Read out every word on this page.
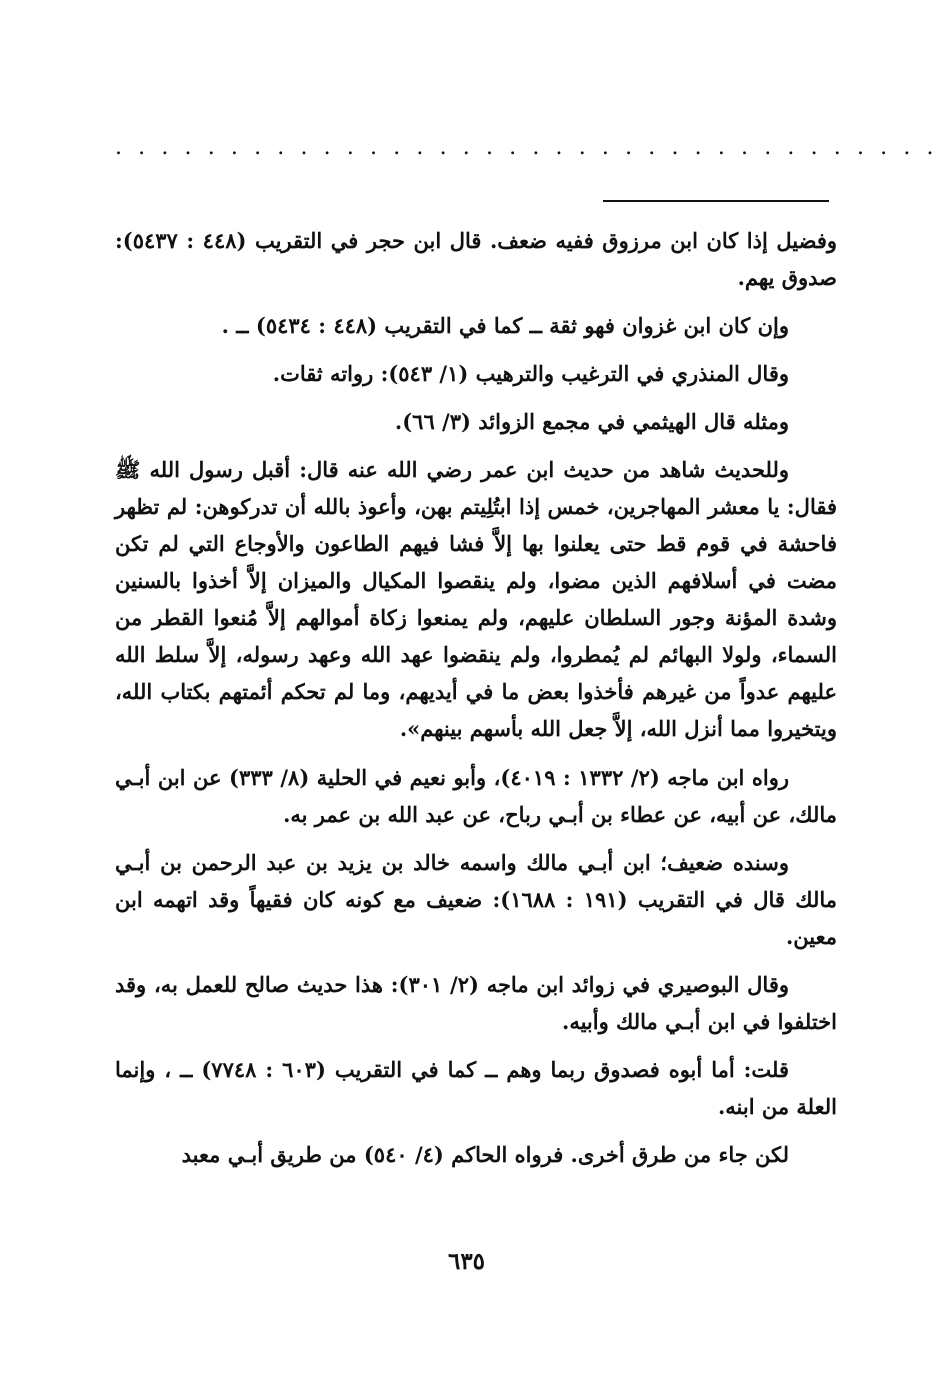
. . . . . . . . . . . . . . . . . . . . . . . . . . . . . . . . . . . .

وفضيل إذا كان ابن مرزوق ففيه ضعف. قال ابن حجر في التقريب (٤٤٨ : ٥٤٣٧): صدوق يهم.

وإن كان ابن غزوان فهو ثقة ــ كما في التقريب (٤٤٨ : ٥٤٣٤) ــ .

وقال المنذري في الترغيب والترهيب (١/ ٥٤٣): رواته ثقات.

ومثله قال الهيثمي في مجمع الزوائد (٣/ ٦٦).

وللحديث شاهد من حديث ابن عمر رضي الله عنه قال: أقبل رسول الله ﷺ فقال: يا معشر المهاجرين، خمس إذا ابتُلِيتم بهن، وأعوذ بالله أن تدركوهن: لم تظهر فاحشة في قوم قط حتى يعلنوا بها إلاَّ فشا فيهم الطاعون والأوجاع التي لم تكن مضت في أسلافهم الذين مضوا، ولم ينقصوا المكيال والميزان إلاَّ أخذوا بالسنين وشدة المؤنة وجور السلطان عليهم، ولم يمنعوا زكاة أموالهم إلاَّ مُنعوا القطر من السماء، ولولا البهائم لم يُمطروا، ولم ينقضوا عهد الله وعهد رسوله، إلاَّ سلط الله عليهم عدواً من غيرهم فأخذوا بعض ما في أيديهم، وما لم تحكم أئمتهم بكتاب الله، ويتخيروا مما أنزل الله، إلاَّ جعل الله بأسهم بينهم».

رواه ابن ماجه (٢/ ١٣٣٢ : ٤٠١٩)، وأبو نعيم في الحلية (٨/ ٣٣٣) عن ابن أبـي مالك، عن أبيه، عن عطاء بن أبـي رباح، عن عبد الله بن عمر به.

وسنده ضعيف؛ ابن أبـي مالك واسمه خالد بن يزيد بن عبد الرحمن بن أبـي مالك قال في التقريب (١٩١ : ١٦٨٨): ضعيف مع كونه كان فقيهاً وقد اتهمه ابن معين.

وقال البوصيري في زوائد ابن ماجه (٢/ ٣٠١): هذا حديث صالح للعمل به، وقد اختلفوا في ابن أبـي مالك وأبيه.

قلت: أما أبوه فصدوق ربما وهم ــ كما في التقريب (٦٠٣ : ٧٧٤٨) ــ ، وإنما العلة من ابنه.

لكن جاء من طرق أخرى. فرواه الحاكم (٤/ ٥٤٠) من طريق أبـي معبد

٦٣٥
